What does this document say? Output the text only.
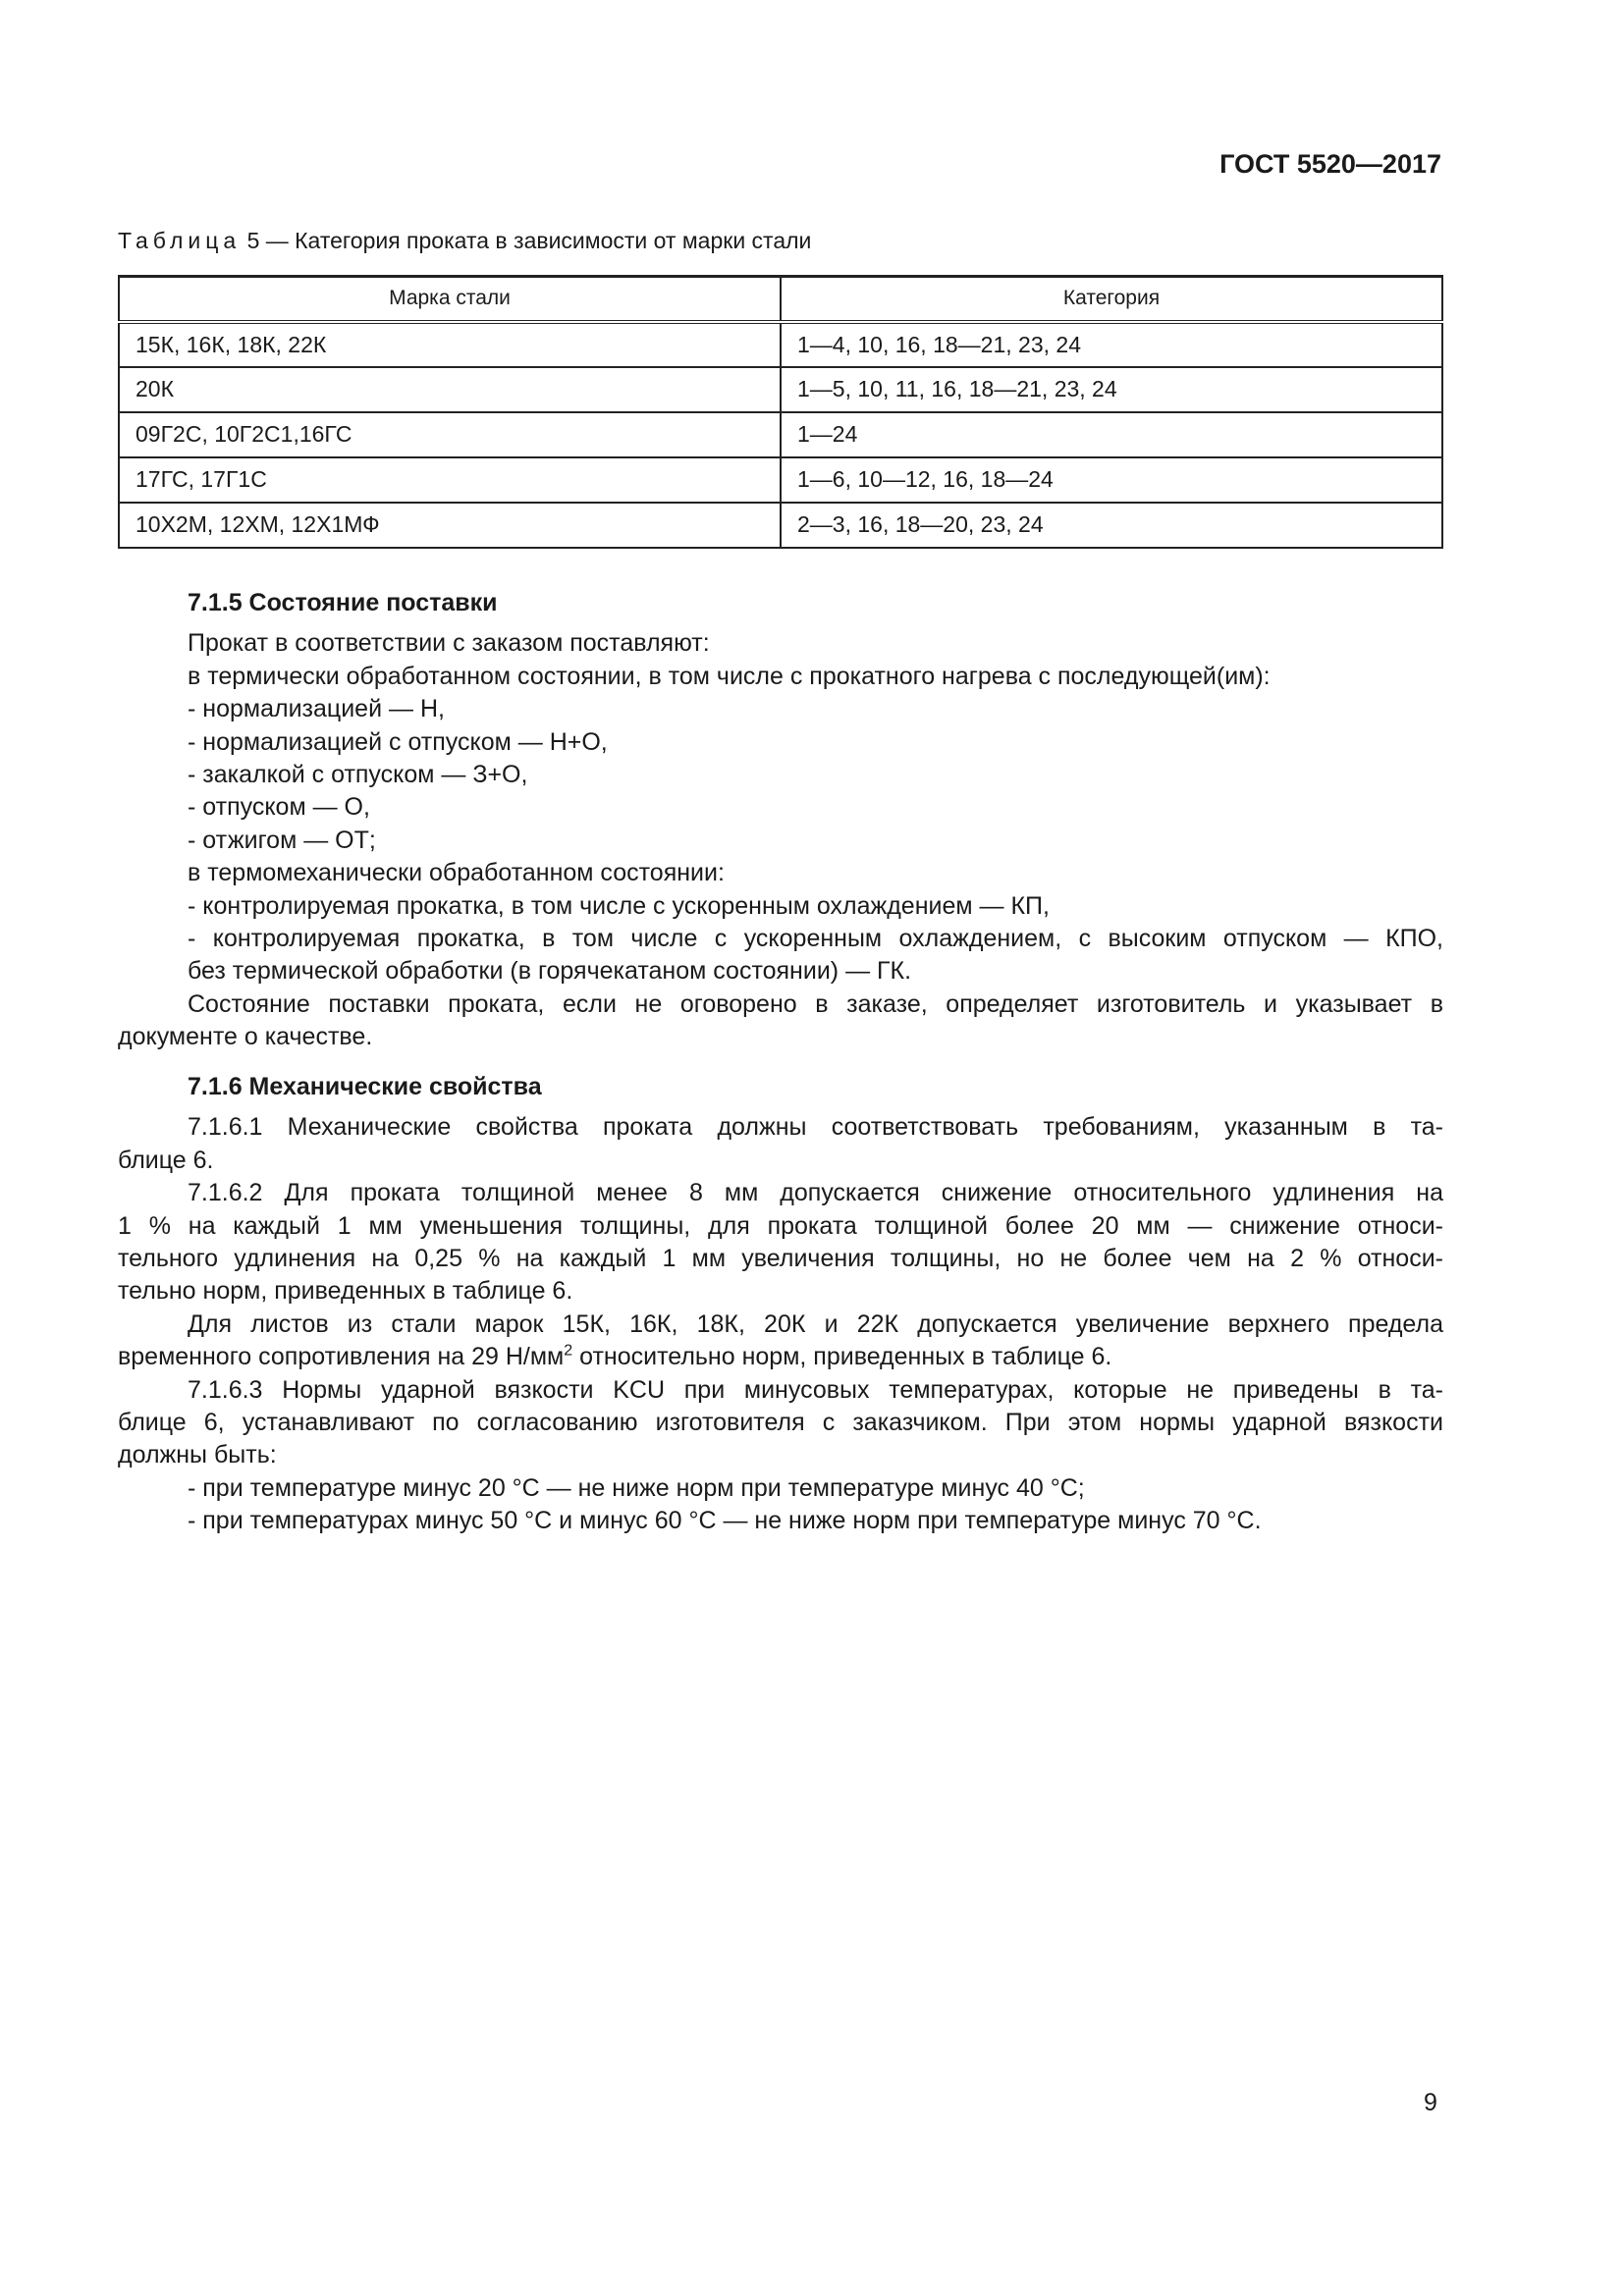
ГОСТ 5520—2017
Таблица 5 — Категория проката в зависимости от марки стали
Марка стали	Категория
15К, 16К, 18К, 22К	1—4, 10, 16, 18—21, 23, 24
20К	1—5, 10, 11, 16, 18—21, 23, 24
09Г2С, 10Г2С1,16ГС	1—24
17ГС, 17Г1С	1—6, 10—12, 16, 18—24
10Х2М, 12ХМ, 12Х1МФ	2—3, 16, 18—20, 23, 24
7.1.5 Состояние поставки
Прокат в соответствии с заказом поставляют:
в термически обработанном состоянии, в том числе с прокатного нагрева с последующей(им):
- нормализацией — Н,
- нормализацией с отпуском — Н+О,
- закалкой с отпуском — З+О,
- отпуском — О,
- отжигом — ОТ;
в термомеханически обработанном состоянии:
- контролируемая прокатка, в том числе с ускоренным охлаждением — КП,
- контролируемая прокатка, в том числе с ускоренным охлаждением, с высоким отпуском — КПО,
без термической обработки (в горячекатаном состоянии) — ГК.
Состояние поставки проката, если не оговорено в заказе, определяет изготовитель и указывает в
документе о качестве.
7.1.6 Механические свойства
7.1.6.1 Механические свойства проката должны соответствовать требованиям, указанным в та-
блице 6.
7.1.6.2 Для проката толщиной менее 8 мм допускается снижение относительного удлинения на
1 % на каждый 1 мм уменьшения толщины, для проката толщиной более 20 мм — снижение относи-
тельного удлинения на 0,25 % на каждый 1 мм увеличения толщины, но не более чем на 2 % относи-
тельно норм, приведенных в таблице 6.
Для листов из стали марок 15К, 16К, 18К, 20К и 22К допускается увеличение верхнего предела
временного сопротивления на 29 $Н/мм^2$ относительно норм, приведенных в таблице 6.
7.1.6.3 Нормы ударной вязкости KCU при минусовых температурах, которые не приведены в та-
блице 6, устанавливают по согласованию изготовителя с заказчиком. При этом нормы ударной вязкости
должны быть:
- при температуре минус 20 °С — не ниже норм при температуре минус 40 °С;
- при температурах минус 50 °С и минус 60 °С — не ниже норм при температуре минус 70 °С.
9
